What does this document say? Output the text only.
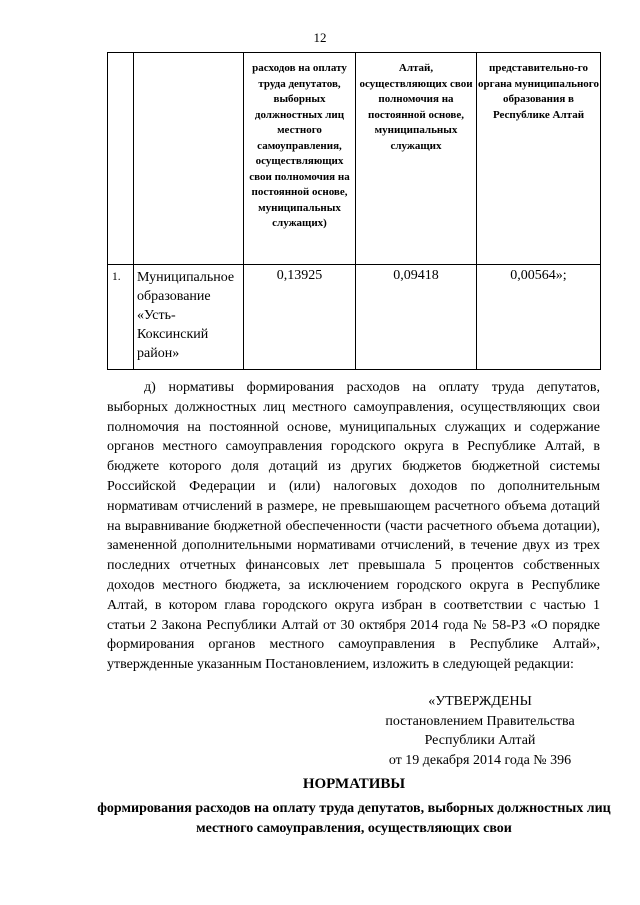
12
		расходов на оплату труда депутатов, выборных должностных лиц местного самоуправления, осуществляющих свои полномочия на постоянной основе, муниципальных служащих)	Алтай, осуществляющих свои полномочия на постоянной основе, муниципальных служащих	представительно-го органа муниципального образования в Республике Алтай
1.	Муниципальное образование «Усть-Коксинский район»	0,13925	0,09418	0,00564»;

д) нормативы формирования расходов на оплату труда депутатов, выборных должностных лиц местного самоуправления, осуществляющих свои полномочия на постоянной основе, муниципальных служащих и содержание органов местного самоуправления городского округа в Республике Алтай, в бюджете которого доля дотаций из других бюджетов бюджетной системы Российской Федерации и (или) налоговых доходов по дополнительным нормативам отчислений в размере, не превышающем расчетного объема дотаций на выравнивание бюджетной обеспеченности (части расчетного объема дотации), замененной дополнительными нормативами отчислений, в течение двух из трех последних отчетных финансовых лет превышала 5 процентов собственных доходов местного бюджета, за исключением городского округа в Республике Алтай, в котором глава городского округа избран в соответствии с частью 1 статьи 2 Закона Республики Алтай от 30 октября 2014 года № 58-РЗ «О порядке формирования органов местного самоуправления в Республике Алтай», утвержденные указанным Постановлением, изложить в следующей редакции:

«УТВЕРЖДЕНЫ
постановлением Правительства
Республики Алтай
от 19 декабря 2014 года № 396
НОРМАТИВЫ

формирования расходов на оплату труда депутатов, выборных должностных лиц местного самоуправления, осуществляющих свои
